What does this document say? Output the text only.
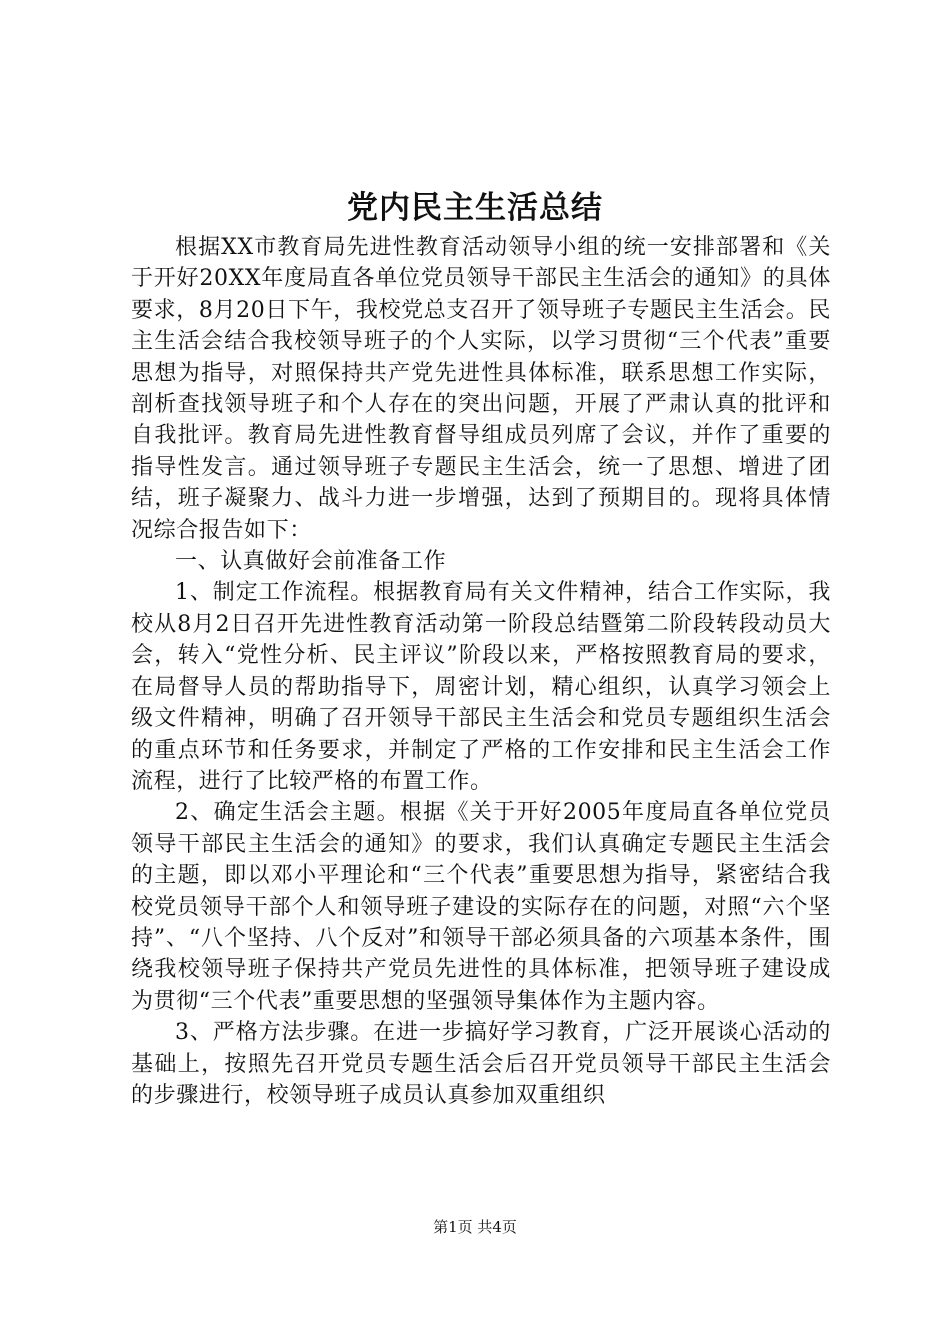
党内民主生活总结

根据XX市教育局先进性教育活动领导小组的统一安排部署和《关于开好20XX年度局直各单位党员领导干部民主生活会的通知》的具体要求，8月20日下午，我校党总支召开了领导班子专题民主生活会。民主生活会结合我校领导班子的个人实际，以学习贯彻“三个代表”重要思想为指导，对照保持共产党先进性具体标准，联系思想工作实际，剖析查找领导班子和个人存在的突出问题，开展了严肃认真的批评和自我批评。教育局先进性教育督导组成员列席了会议，并作了重要的指导性发言。通过领导班子专题民主生活会，统一了思想、增进了团结，班子凝聚力、战斗力进一步增强，达到了预期目的。现将具体情况综合报告如下：

一、认真做好会前准备工作

1、制定工作流程。根据教育局有关文件精神，结合工作实际，我校从8月2日召开先进性教育活动第一阶段总结暨第二阶段转段动员大会，转入“党性分析、民主评议”阶段以来，严格按照教育局的要求，在局督导人员的帮助指导下，周密计划，精心组织，认真学习领会上级文件精神，明确了召开领导干部民主生活会和党员专题组织生活会的重点环节和任务要求，并制定了严格的工作安排和民主生活会工作流程，进行了比较严格的布置工作。

2、确定生活会主题。根据《关于开好2005年度局直各单位党员领导干部民主生活会的通知》的要求，我们认真确定专题民主生活会的主题，即以邓小平理论和“三个代表”重要思想为指导，紧密结合我校党员领导干部个人和领导班子建设的实际存在的问题，对照“六个坚持”、“八个坚持、八个反对”和领导干部必须具备的六项基本条件，围绕我校领导班子保持共产党员先进性的具体标准，把领导班子建设成为贯彻“三个代表”重要思想的坚强领导集体作为主题内容。

3、严格方法步骤。在进一步搞好学习教育，广泛开展谈心活动的基础上，按照先召开党员专题生活会后召开党员领导干部民主生活会的步骤进行，校领导班子成员认真参加双重组织

第1页 共4页
